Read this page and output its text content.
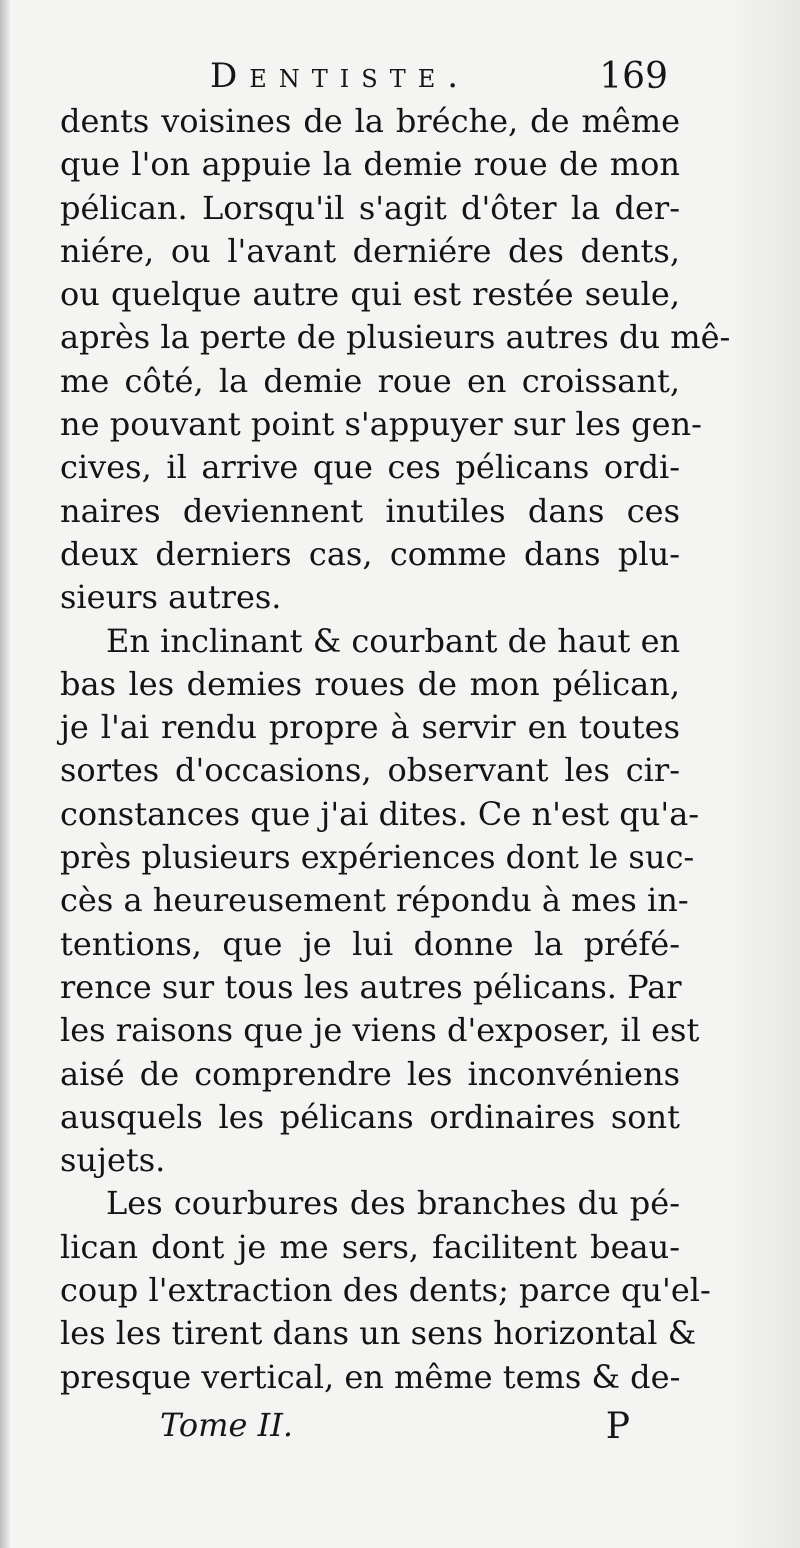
Dentiste.	169
dents voisines de la bréche, de même
que l'on appuie la demie roue de mon
pélican. Lorsqu'il s'agit d'ôter la der-
niére, ou l'avant derniére des dents,
ou quelque autre qui est restée seule,
après la perte de plusieurs autres du mê-
me côté, la demie roue en croissant,
ne pouvant point s'appuyer sur les gen-
cives, il arrive que ces pélicans ordi-
naires deviennent inutiles dans ces
deux derniers cas, comme dans plu-
sieurs autres.
En inclinant & courbant de haut en
bas les demies roues de mon pélican,
je l'ai rendu propre à servir en toutes
sortes d'occasions, observant les cir-
constances que j'ai dites. Ce n'est qu'a-
près plusieurs expériences dont le suc-
cès a heureusement répondu à mes in-
tentions, que je lui donne la préfé-
rence sur tous les autres pélicans. Par
les raisons que je viens d'exposer, il est
aisé de comprendre les inconvéniens
ausquels les pélicans ordinaires sont
sujets.
Les courbures des branches du pé-
lican dont je me sers, facilitent beau-
coup l'extraction des dents; parce qu'el-
les les tirent dans un sens horizontal &
presque vertical, en même tems & de-
Tome II.	P
